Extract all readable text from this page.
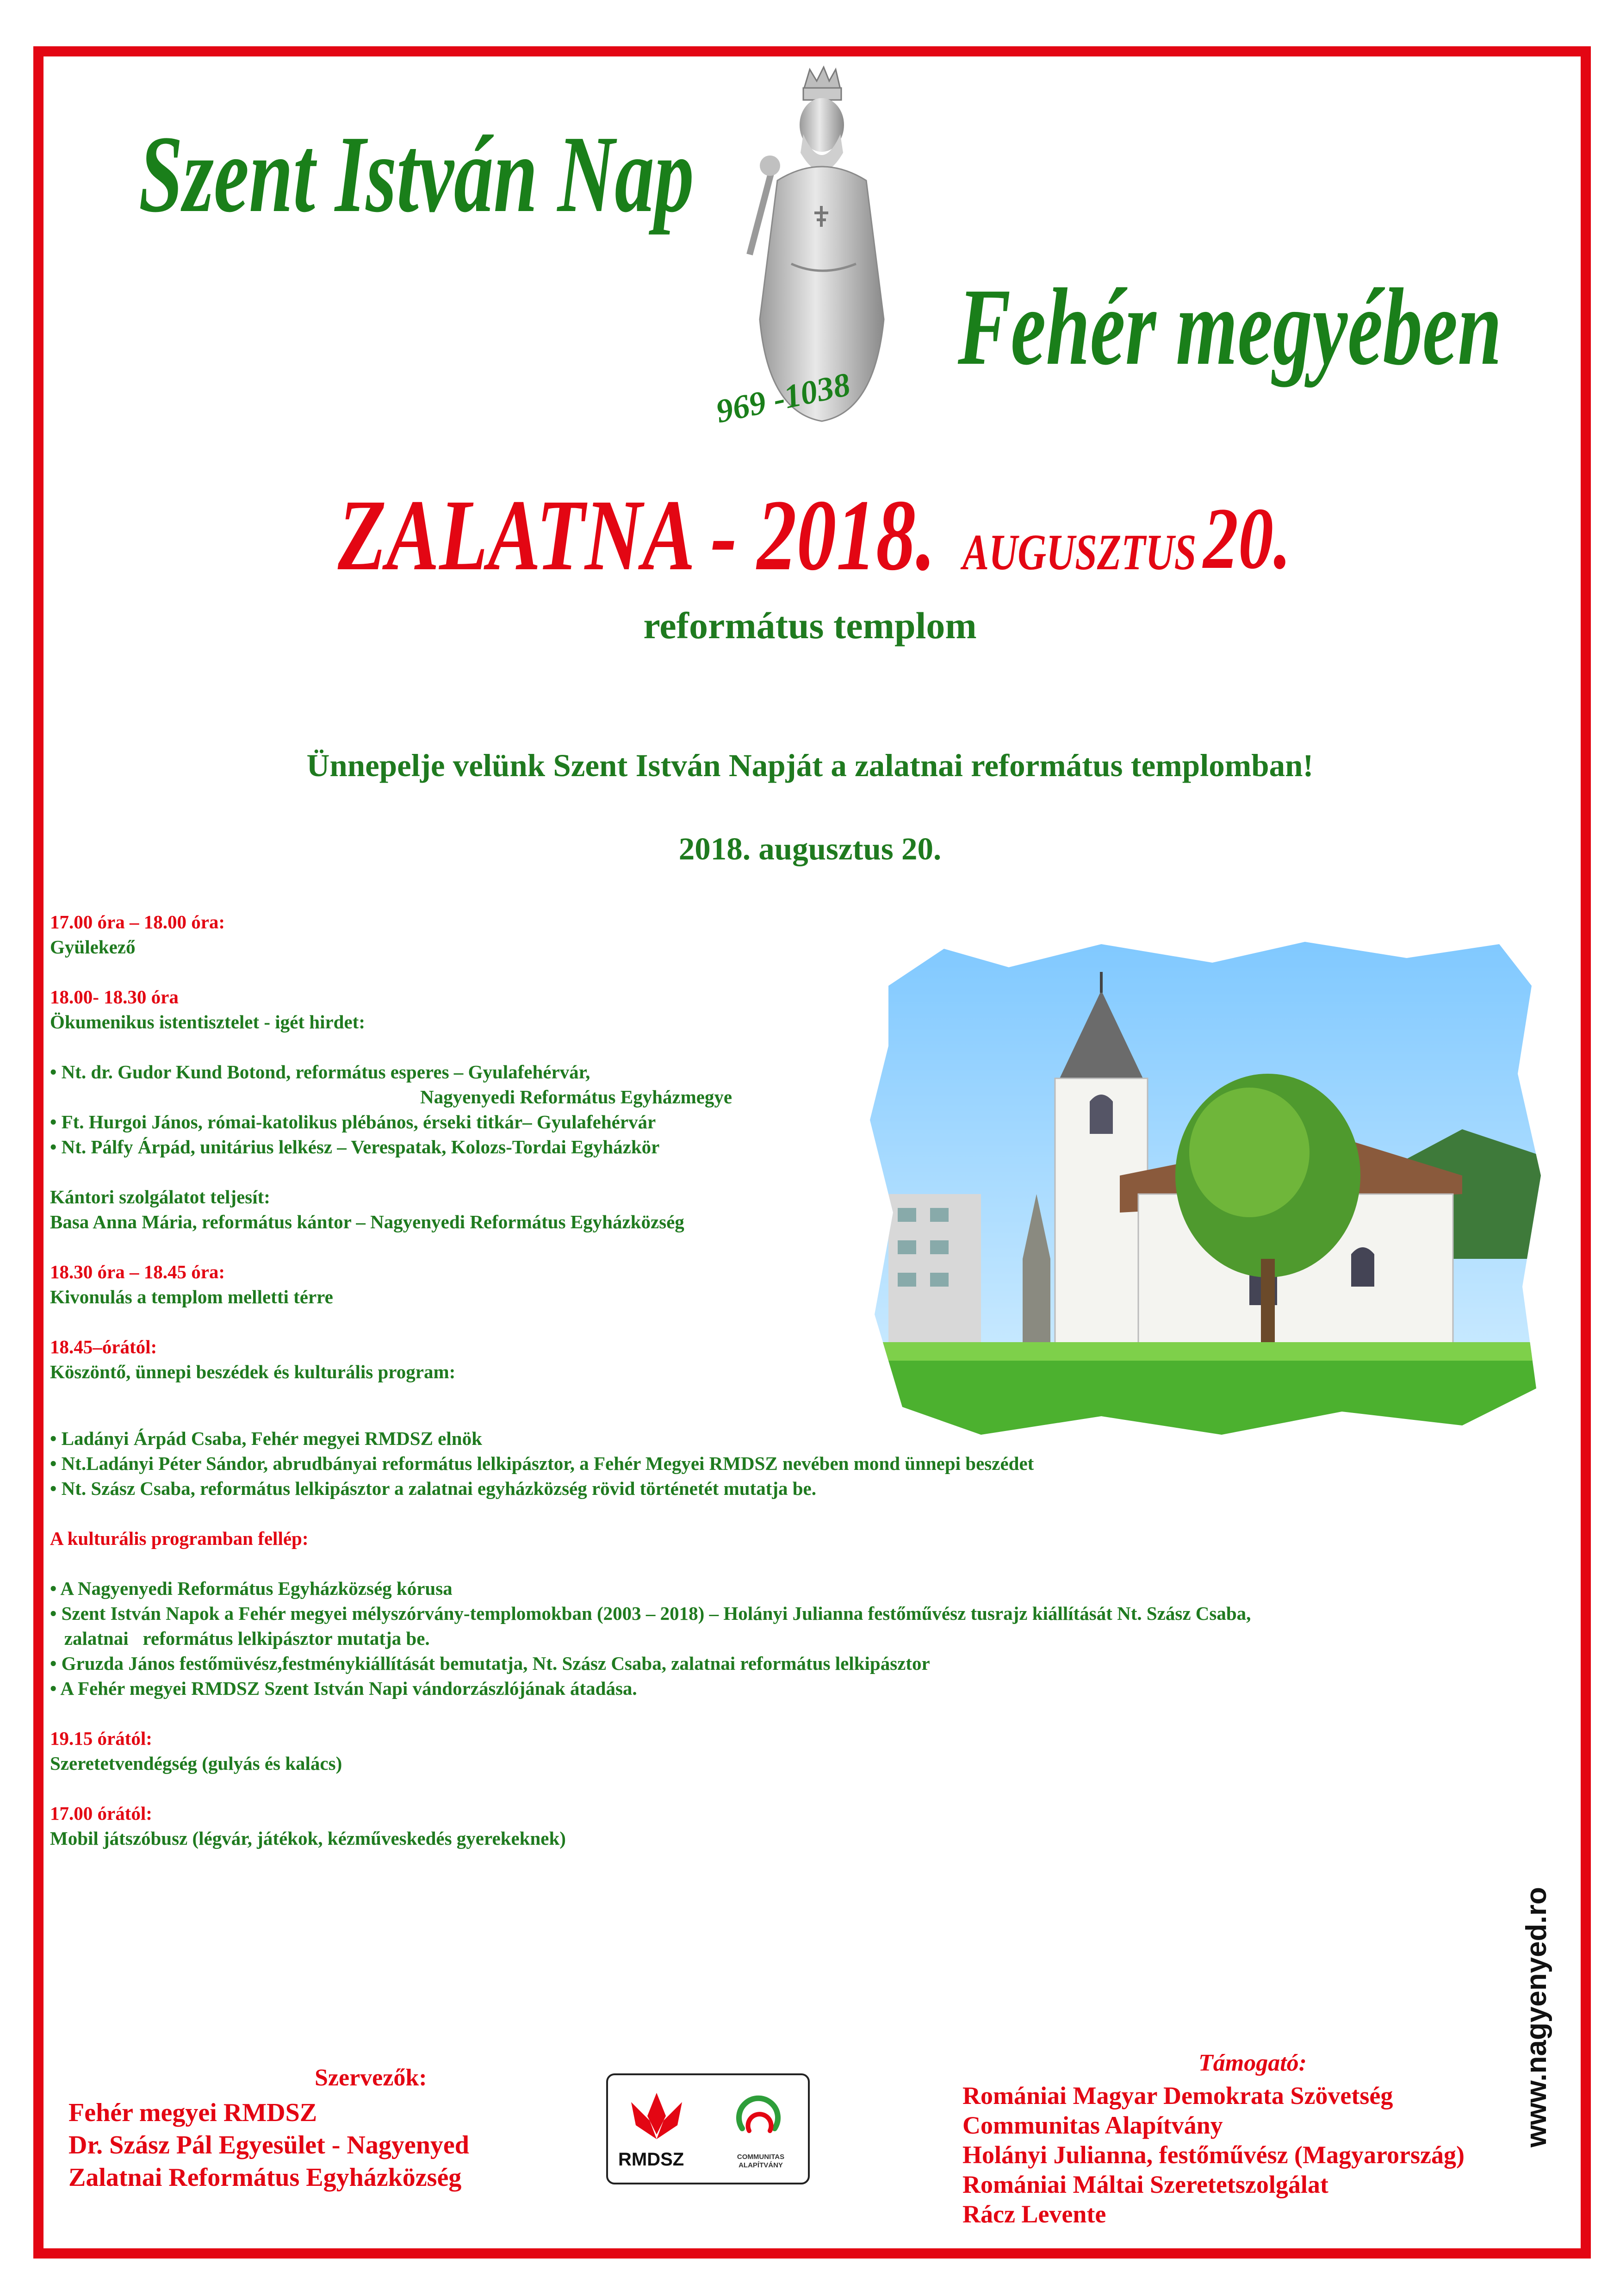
Szent István Nap
969 -1038
Fehér megyében
ZALATNA - 2018. AUGUSZTUS 20.
református templom
Ünnepelje velünk Szent István Napját a zalatnai református templomban!
2018. augusztus 20.
17.00 óra – 18.00 óra:
Gyülekező
18.00- 18.30 óra
Ökumenikus istentisztelet - igét hirdet:
• Nt. dr. Gudor Kund Botond, református esperes – Gyulafehérvár,
Nagyenyedi Református Egyházmegye
• Ft. Hurgoi János, római-katolikus plébános, érseki titkár– Gyulafehérvár
• Nt. Pálfy Árpád, unitárius lelkész – Verespatak, Kolozs-Tordai Egyházkör
Kántori szolgálatot teljesít:
Basa Anna Mária, református kántor – Nagyenyedi Református Egyházközség
18.30 óra – 18.45 óra:
Kivonulás a templom melletti térre
18.45–órától:
Köszöntő, ünnepi beszédek és kulturális program:
• Ladányi Árpád Csaba, Fehér megyei RMDSZ elnök
• Nt.Ladányi Péter Sándor, abrudbányai református lelkipásztor, a Fehér Megyei RMDSZ nevében mond ünnepi beszédet
• Nt. Szász Csaba, református lelkipásztor a zalatnai egyházközség rövid történetét mutatja be.
A kulturális programban fellép:
• A Nagyenyedi Református Egyházközség kórusa
• Szent István Napok a Fehér megyei mélyszórvány-templomokban (2003 – 2018) – Holányi Julianna festőművész tusrajz kiállítását Nt. Szász Csaba,
zalatnai   református lelkipásztor mutatja be.
• Gruzda János festőmüvész,festménykiállítását bemutatja, Nt. Szász Csaba, zalatnai református lelkipásztor
• A Fehér megyei RMDSZ Szent István Napi vándorzászlójának átadása.
19.15 órától:
Szeretetvendégség (gulyás és kalács)
17.00 órától:
Mobil játszóbusz (légvár, játékok, kézműveskedés gyerekeknek)
Szervezők:
Fehér megyei RMDSZ
Dr. Szász Pál Egyesület - Nagyenyed
Zalatnai Református Egyházközség
RMDSZ	COMMUNITAS ALAPÍTVÁNY
Támogató:
Romániai Magyar Demokrata Szövetség
Communitas Alapítvány
Holányi Julianna, festőművész (Magyarország)
Romániai Máltai Szeretetszolgálat
Rácz Levente
www.nagyenyed.ro
